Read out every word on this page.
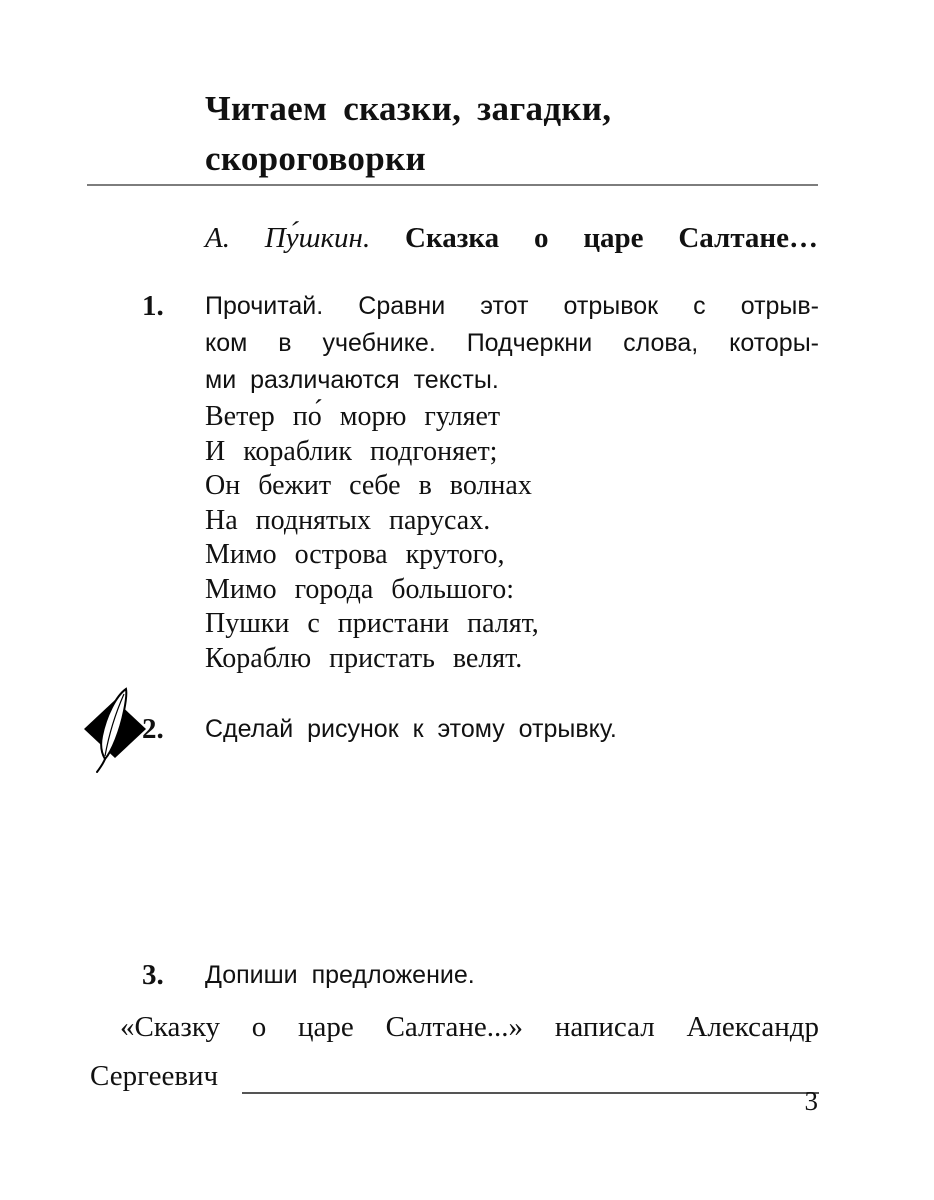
Читаем сказки, загадки,
скороговорки
А. Пу́шкин. Сказка о царе Салтане…
1. Прочитай. Сравни этот отрывок с отрыв-
ком в учебнике. Подчеркни слова, которы-
ми различаются тексты.
Ветер по́ морю гуляет
И кораблик подгоняет;
Он бежит себе в волнах
На поднятых парусах.
Мимо острова крутого,
Мимо города большого:
Пушки с пристани палят,
Кораблю пристать велят.
2. Сделай рисунок к этому отрывку.
3. Допиши предложение.
«Сказку о царе Салтане...» написал Александр
Сергеевич
3
